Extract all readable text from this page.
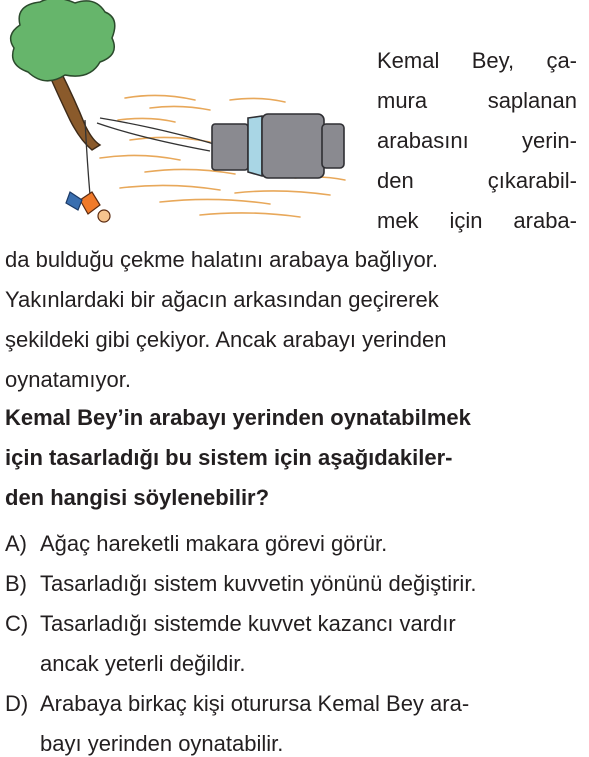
Kemal Bey, ça-
mura	saplanan
arabasını yerin-
den	çıkarabil-
mek için araba-
da bulduğu çekme halatını arabaya bağlıyor.
Yakınlardaki bir ağacın arkasından geçirerek
şekildeki gibi çekiyor. Ancak arabayı yerinden
oynatamıyor.
Kemal Bey’in arabayı yerinden oynatabilmek
için tasarladığı bu sistem için aşağıdakiler-
den hangisi söylenebilir?
A) Ağaç hareketli makara görevi görür.
B) Tasarladığı sistem kuvvetin yönünü değiştirir.
C) Tasarladığı sistemde kuvvet kazancı vardır
ancak yeterli değildir.
D) Arabaya birkaç kişi oturursa Kemal Bey ara-
bayı yerinden oynatabilir.
